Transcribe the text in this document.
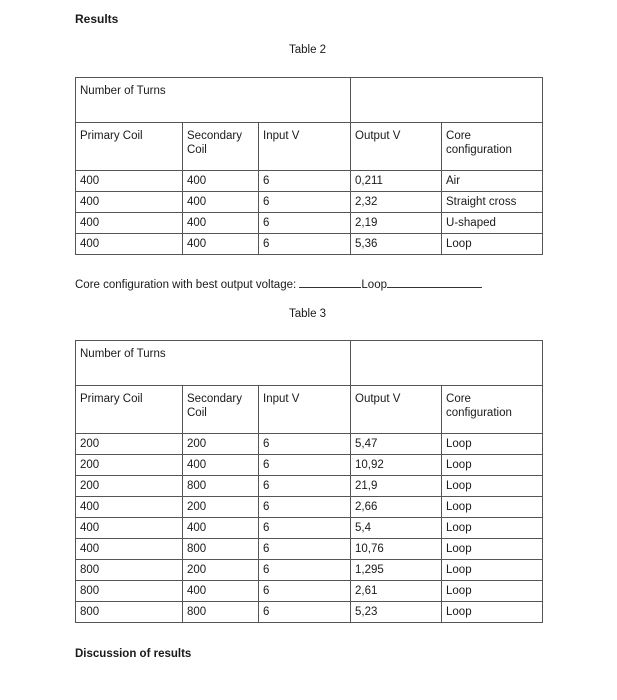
Results
Table 2
Number of Turns				
Primary Coil	Secondary Coil	Input V	Output V	Core configuration
400	400	6	0,211	Air
400	400	6	2,32	Straight cross
400	400	6	2,19	U-shaped
400	400	6	5,36	Loop
Core configuration with best output voltage:	Loop
Table 3
Number of Turns				
Primary Coil	Secondary Coil	Input V	Output V	Core configuration
200	200	6	5,47	Loop
200	400	6	10,92	Loop
200	800	6	21,9	Loop
400	200	6	2,66	Loop
400	400	6	5,4	Loop
400	800	6	10,76	Loop
800	200	6	1,295	Loop
800	400	6	2,61	Loop
800	800	6	5,23	Loop
Discussion of results
